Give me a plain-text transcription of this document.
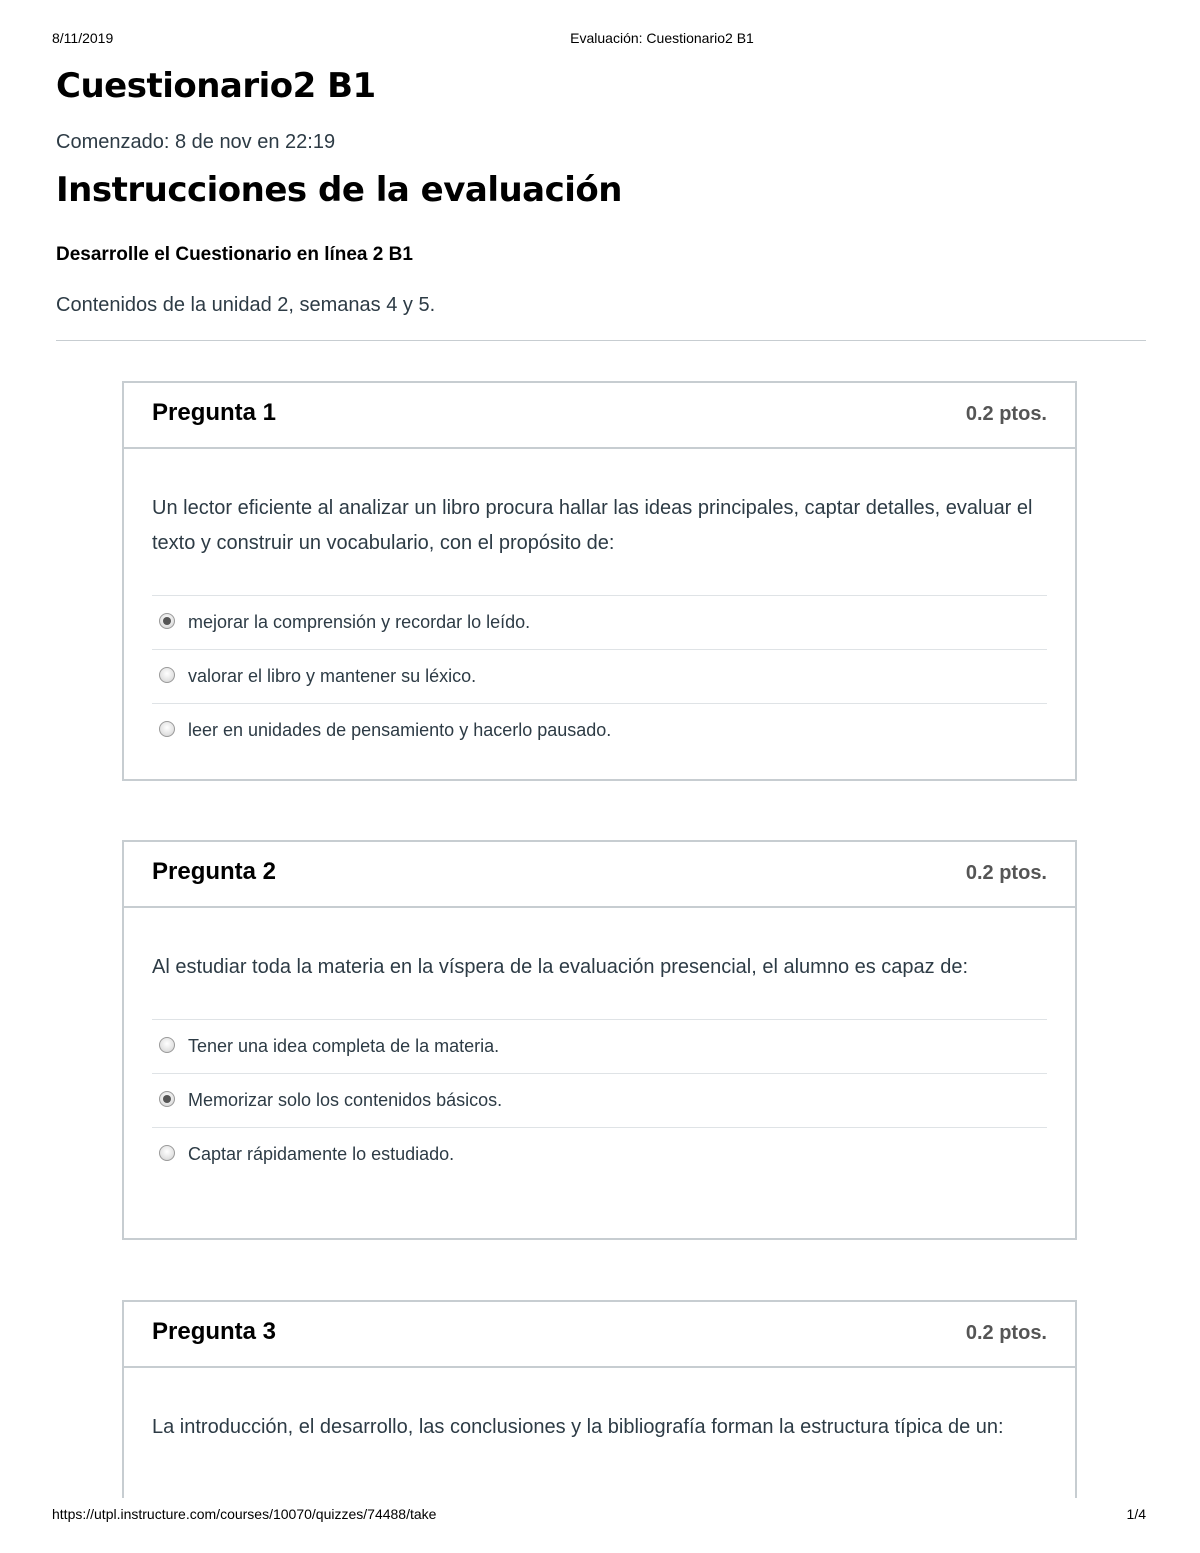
8/11/2019	Evaluación: Cuestionario2 B1
Cuestionario2 B1
Comenzado: 8 de nov en 22:19
Instrucciones de la evaluación
Desarrolle el Cuestionario en línea 2 B1
Contenidos de la unidad 2, semanas 4 y 5.
Pregunta 1	0.2 ptos.
Un lector eficiente al analizar un libro procura hallar las ideas principales, captar detalles, evaluar el texto y construir un vocabulario, con el propósito de:
mejorar la comprensión y recordar lo leído.
valorar el libro y mantener su léxico.
leer en unidades de pensamiento y hacerlo pausado.
Pregunta 2	0.2 ptos.
Al estudiar toda la materia en la víspera de la evaluación presencial, el alumno es capaz de:
Tener una idea completa de la materia.
Memorizar solo los contenidos básicos.
Captar rápidamente lo estudiado.
Pregunta 3	0.2 ptos.
La introducción, el desarrollo, las conclusiones y la bibliografía forman la estructura típica de un:
https://utpl.instructure.com/courses/10070/quizzes/74488/take	1/4
